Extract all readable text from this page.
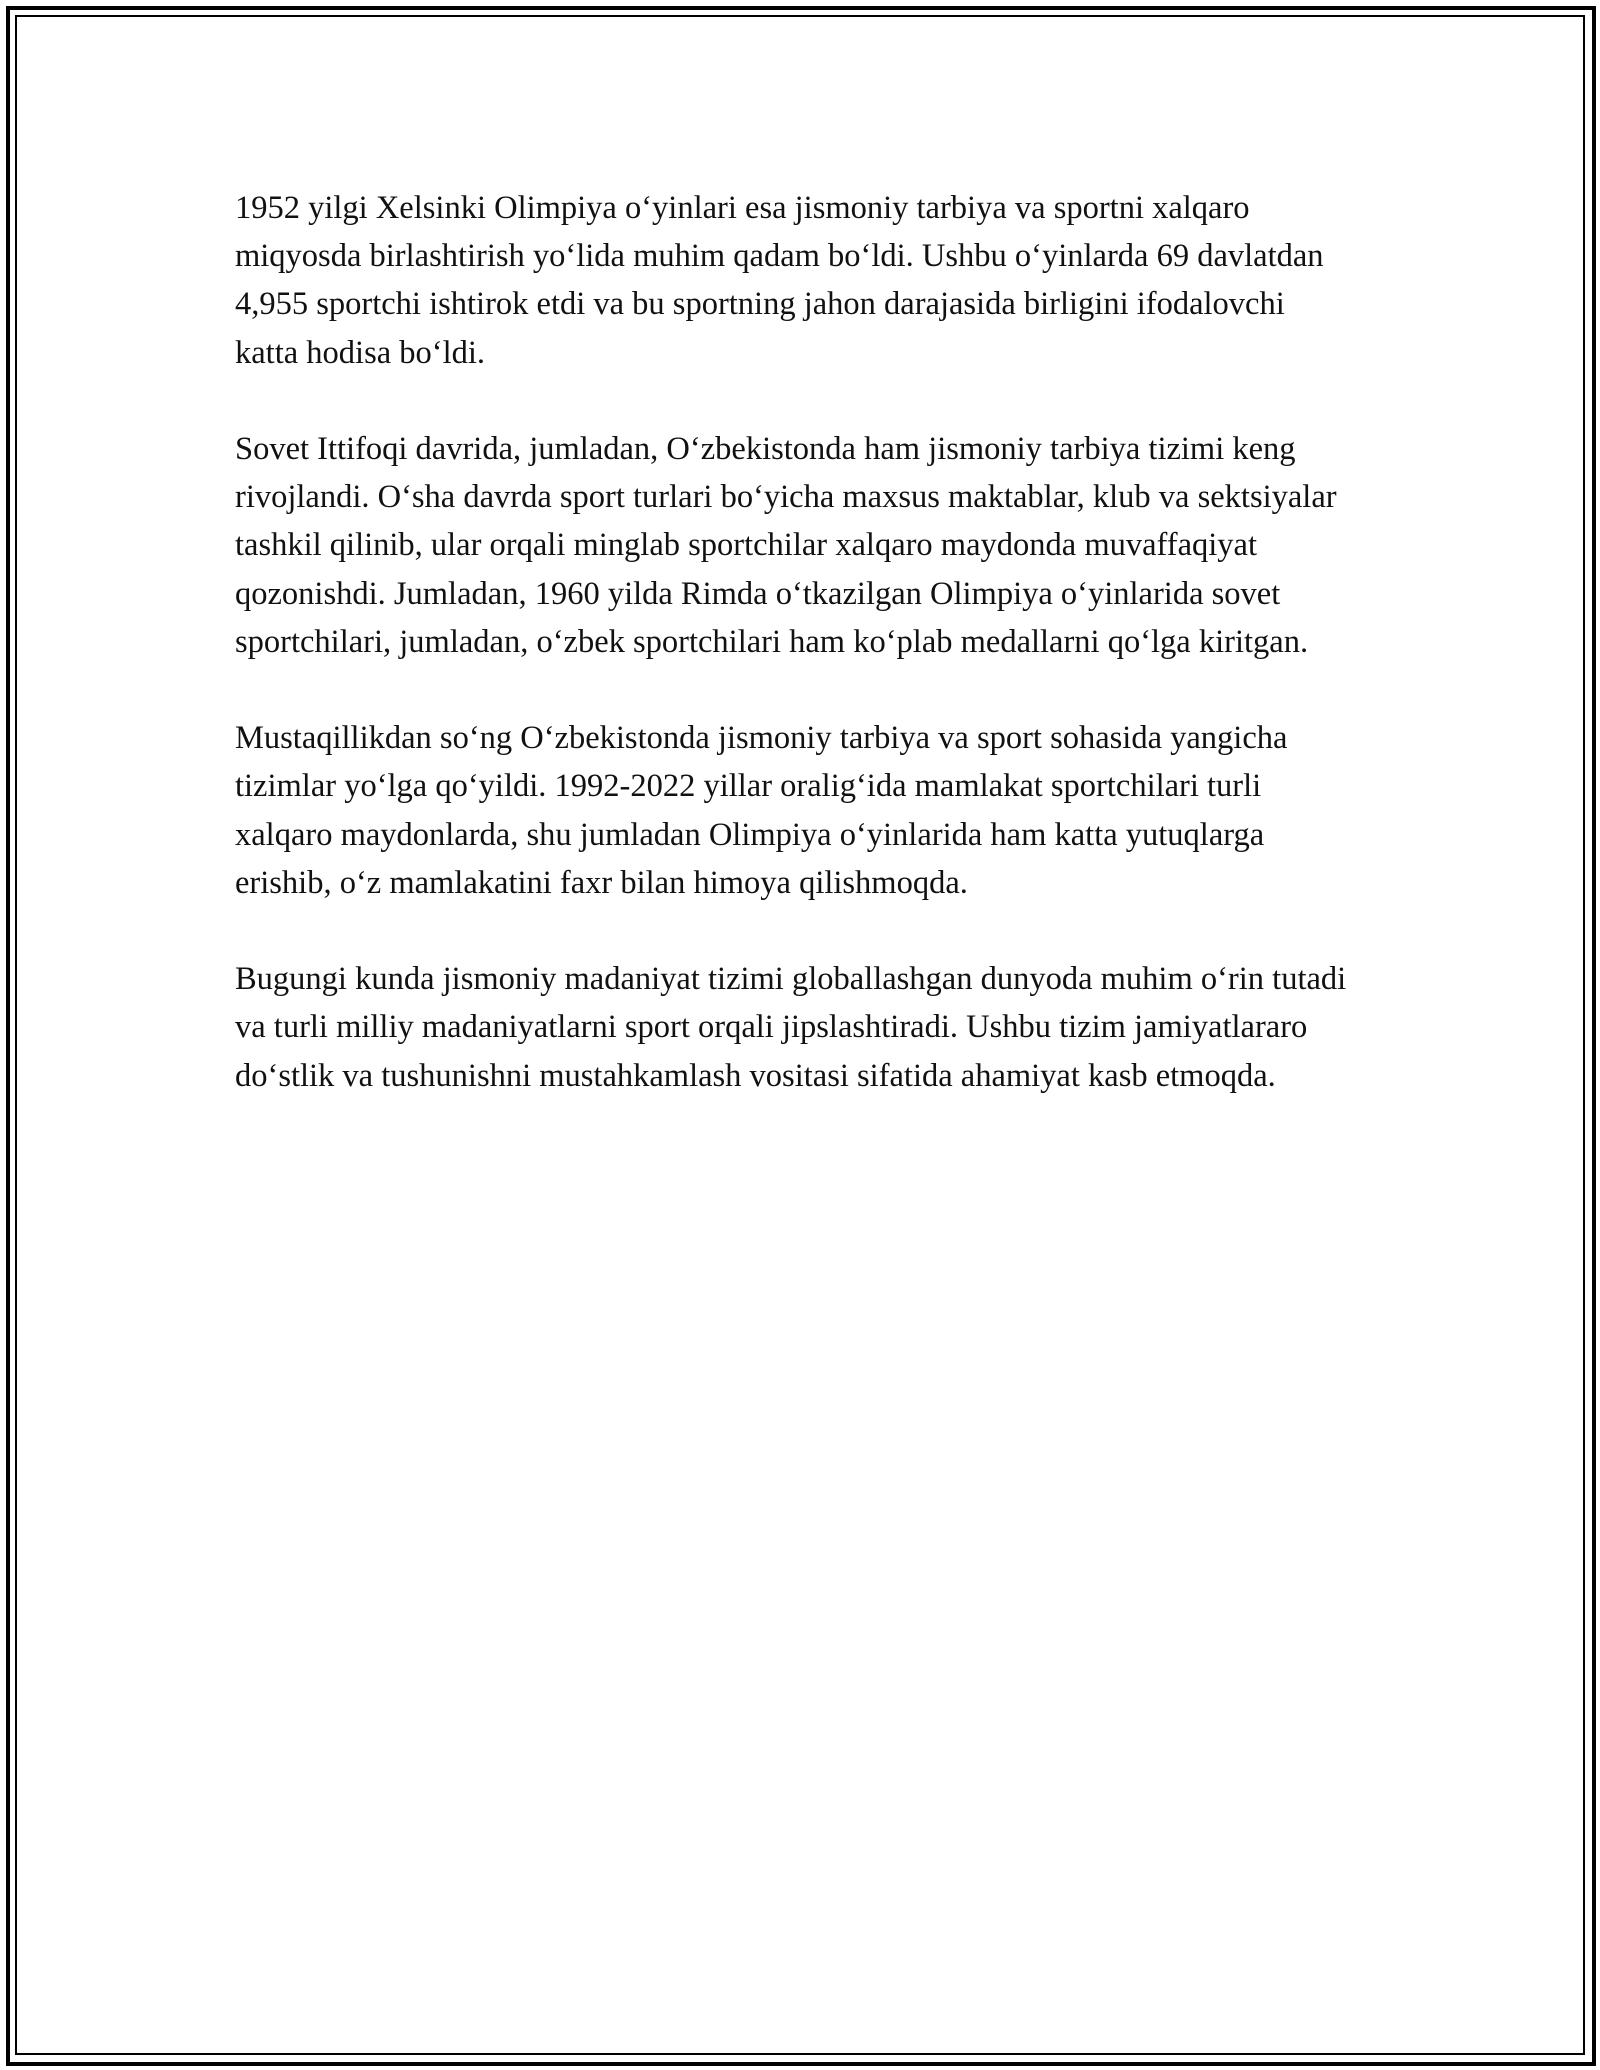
1952 yilgi Xelsinki Olimpiya o‘yinlari esa jismoniy tarbiya va sportni xalqaro miqyosda birlashtirish yo‘lida muhim qadam bo‘ldi. Ushbu o‘yinlarda 69 davlatdan 4,955 sportchi ishtirok etdi va bu sportning jahon darajasida birligini ifodalovchi katta hodisa bo‘ldi.

Sovet Ittifoqi davrida, jumladan, O‘zbekistonda ham jismoniy tarbiya tizimi keng rivojlandi. O‘sha davrda sport turlari bo‘yicha maxsus maktablar, klub va sektsiyalar tashkil qilinib, ular orqali minglab sportchilar xalqaro maydonda muvaffaqiyat qozonishdi. Jumladan, 1960 yilda Rimda o‘tkazilgan Olimpiya o‘yinlarida sovet sportchilari, jumladan, o‘zbek sportchilari ham ko‘plab medallarni qo‘lga kiritgan.

Mustaqillikdan so‘ng O‘zbekistonda jismoniy tarbiya va sport sohasida yangicha tizimlar yo‘lga qo‘yildi. 1992-2022 yillar oralig‘ida mamlakat sportchilari turli xalqaro maydonlarda, shu jumladan Olimpiya o‘yinlarida ham katta yutuqlarga erishib, o‘z mamlakatini faxr bilan himoya qilishmoqda.

Bugungi kunda jismoniy madaniyat tizimi globallashgan dunyoda muhim o‘rin tutadi va turli milliy madaniyatlarni sport orqali jipslashtiradi. Ushbu tizim jamiyatlararo do‘stlik va tushunishni mustahkamlash vositasi sifatida ahamiyat kasb etmoqda.
